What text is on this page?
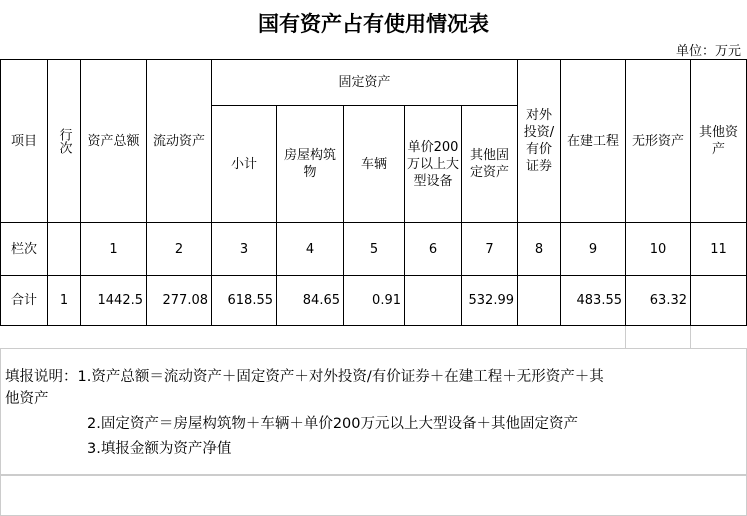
国有资产占有使用情况表
单位：万元
项目	行次	资产总额	流动资产	固定资产					对外投资/有价证券	在建工程	无形资产	其他资产
				小计	房屋构筑物	车辆	单价200万以上大型设备	其他固定资产				
栏次		1	2	3	4	5	6	7	8	9	10	11
合计	1	1442.5	277.08	618.55	84.65	0.91		532.99		483.55	63.32	

填报说明：1.资产总额＝流动资产＋固定资产＋对外投资/有价证券＋在建工程＋无形资产＋其
他资产
2.固定资产＝房屋构筑物＋车辆＋单价200万元以上大型设备＋其他固定资产
3.填报金额为资产净值
